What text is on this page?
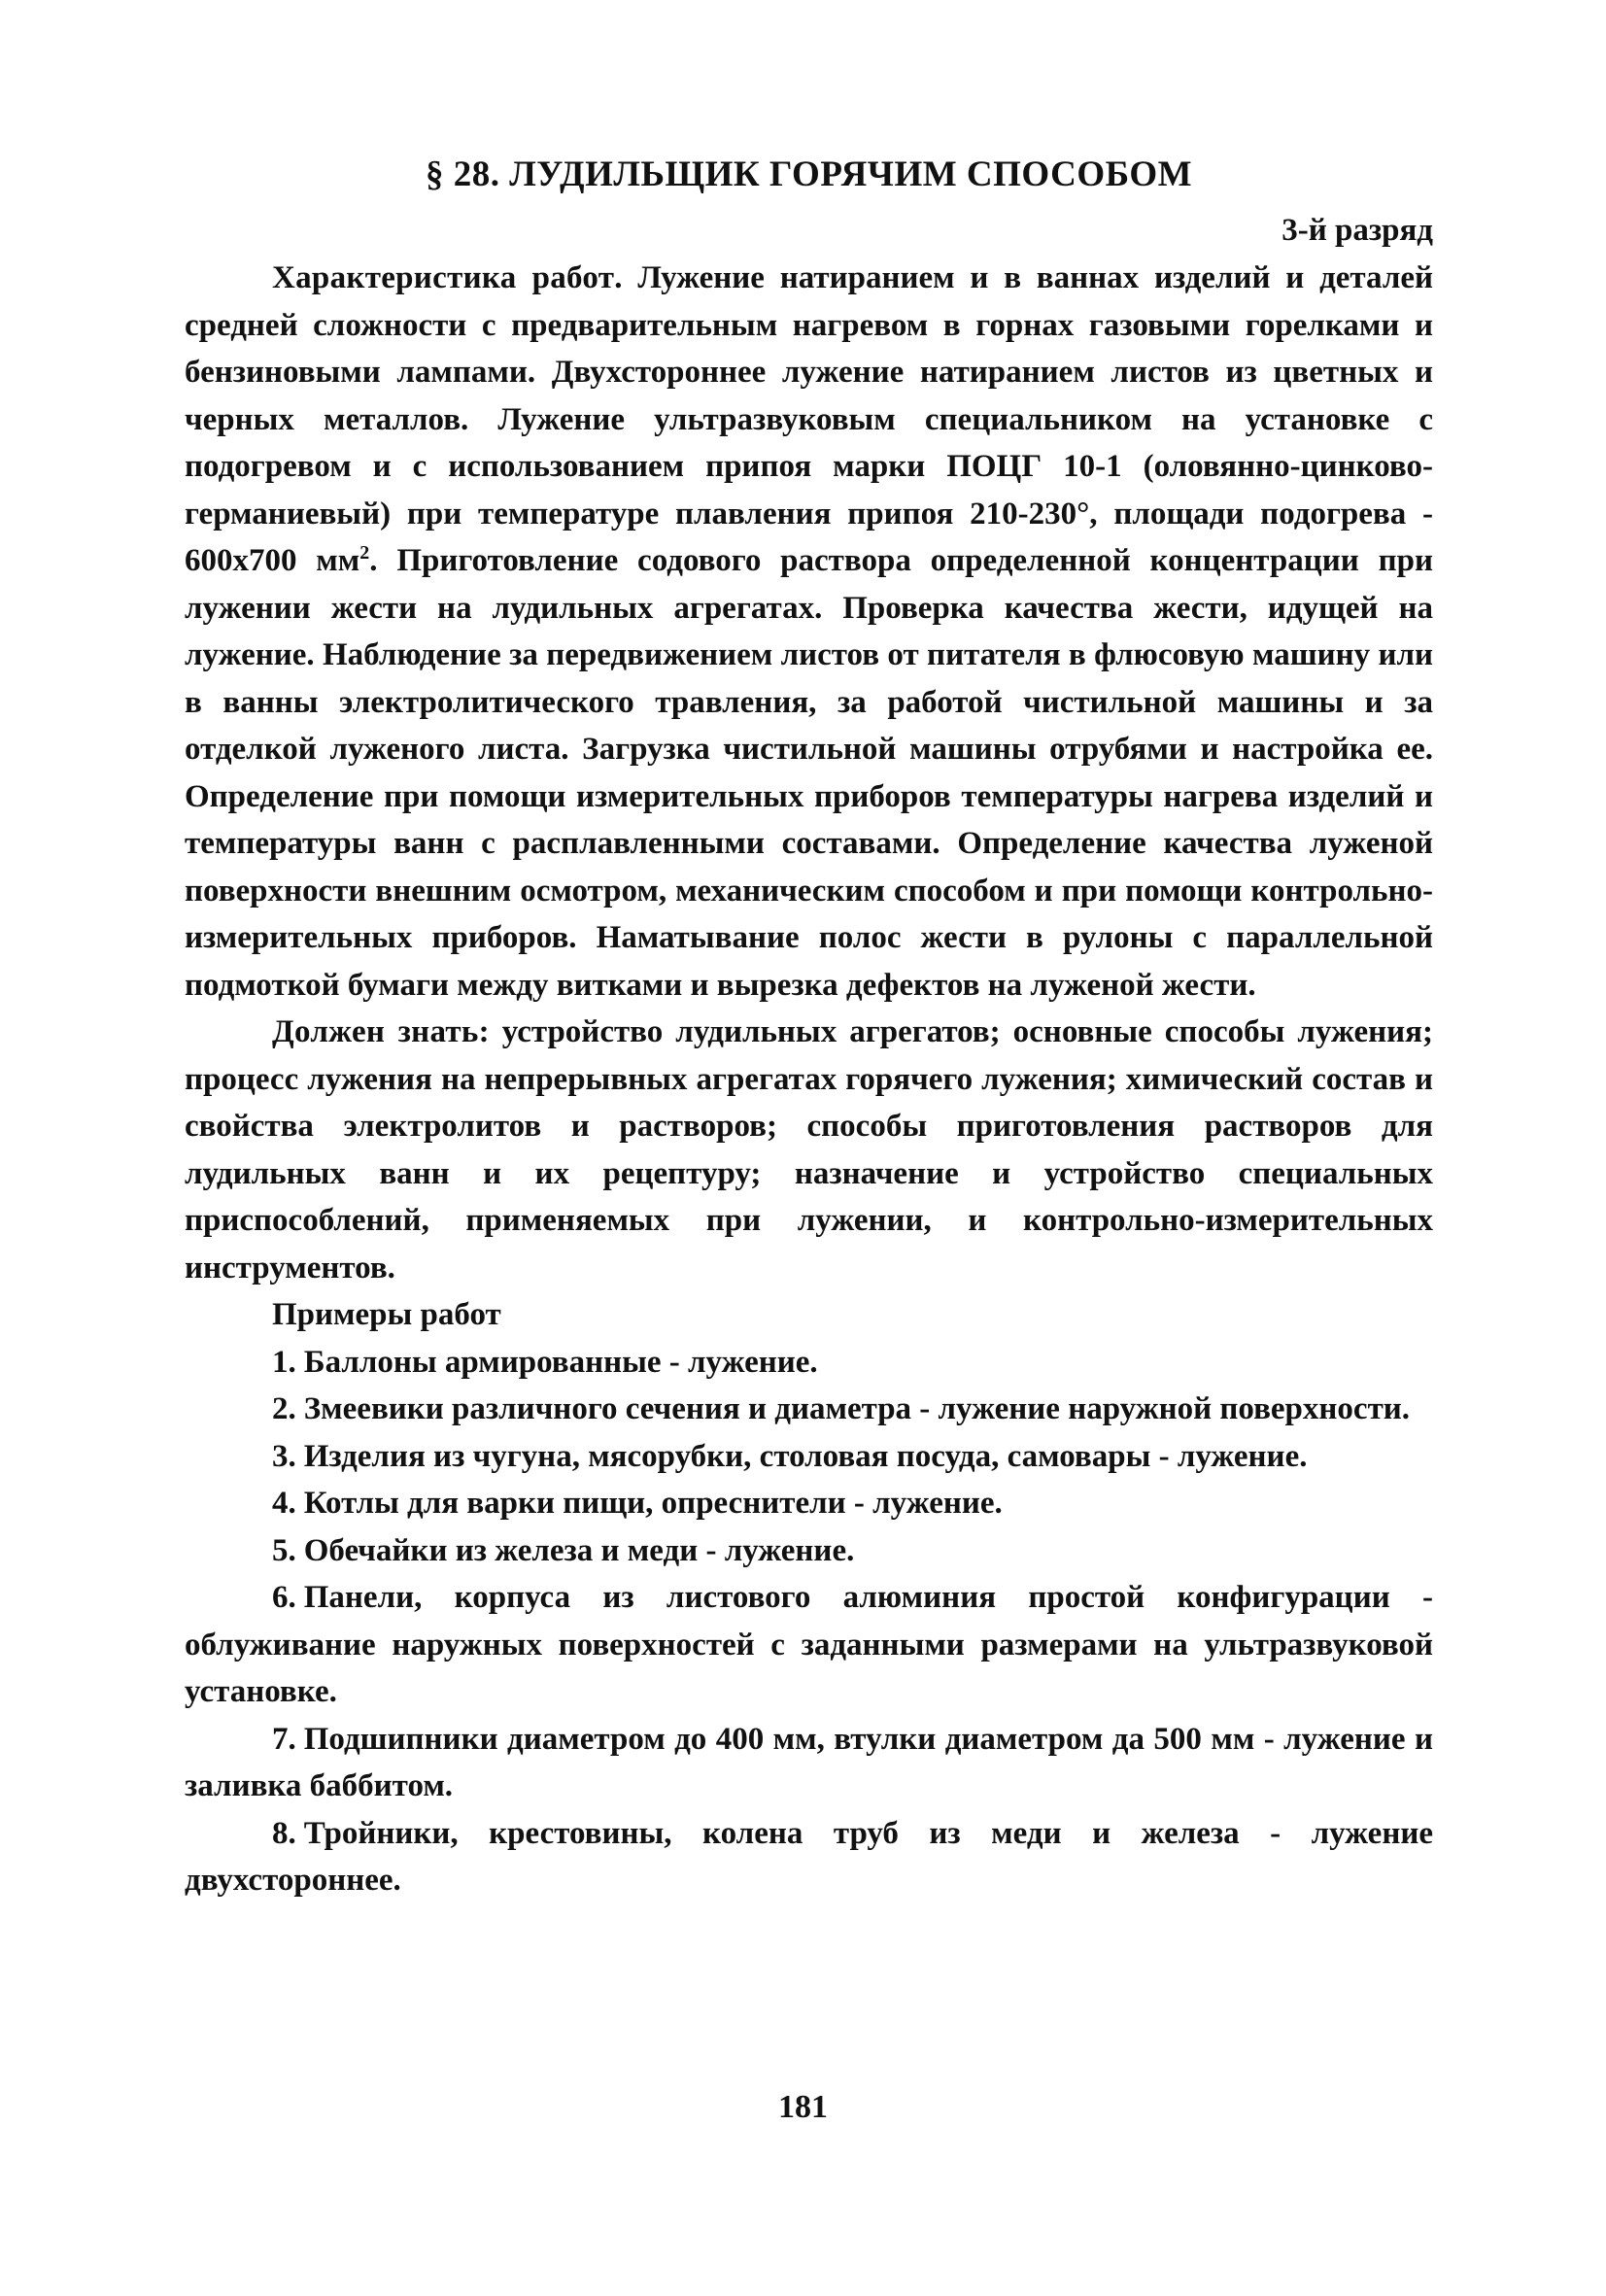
§ 28. ЛУДИЛЬЩИК ГОРЯЧИМ СПОСОБОМ
3-й разряд

Характеристика работ. Лужение натиранием и в ваннах изделий и деталей средней сложности с предварительным нагревом в горнах газовыми горелками и бензиновыми лампами. Двухстороннее лужение натиранием листов из цветных и черных металлов. Лужение ультразвуковым специальником на установке с подогревом и с использованием припоя марки ПОЦГ 10-1 (оловянно-цинково-германиевый) при температуре плавления припоя 210-230°, площади подогрева - 600x700 $мм^2$. Приготовление содового раствора определенной концентрации при лужении жести на лудильных агрегатах. Проверка качества жести, идущей на лужение. Наблюдение за передвижением листов от питателя в флюсовую машину или в ванны электролитического травления, за работой чистильной машины и за отделкой луженого листа. Загрузка чистильной машины отрубями и настройка ее. Определение при помощи измерительных приборов температуры нагрева изделий и температуры ванн с расплавленными составами. Определение качества луженой поверхности внешним осмотром, механическим способом и при помощи контрольно-измерительных приборов. Наматывание полос жести в рулоны с параллельной подмоткой бумаги между витками и вырезка дефектов на луженой жести.

Должен знать: устройство лудильных агрегатов; основные способы лужения; процесс лужения на непрерывных агрегатах горячего лужения; химический состав и свойства электролитов и растворов; способы приготовления растворов для лудильных ванн и их рецептуру; назначение и устройство специальных приспособлений, применяемых при лужении, и контрольно-измерительных инструментов.

Примеры работ
1. Баллоны армированные - лужение.
2. Змеевики различного сечения и диаметра - лужение наружной поверхности.
3. Изделия из чугуна, мясорубки, столовая посуда, самовары - лужение.
4. Котлы для варки пищи, опреснители - лужение.
5. Обечайки из железа и меди - лужение.
6. Панели, корпуса из листового алюминия простой конфигурации - облуживание наружных поверхностей с заданными размерами на ультразвуковой установке.
7. Подшипники диаметром до 400 мм, втулки диаметром да 500 мм - лужение и заливка баббитом.
8. Тройники, крестовины, колена труб из меди и железа - лужение двухстороннее.
181
